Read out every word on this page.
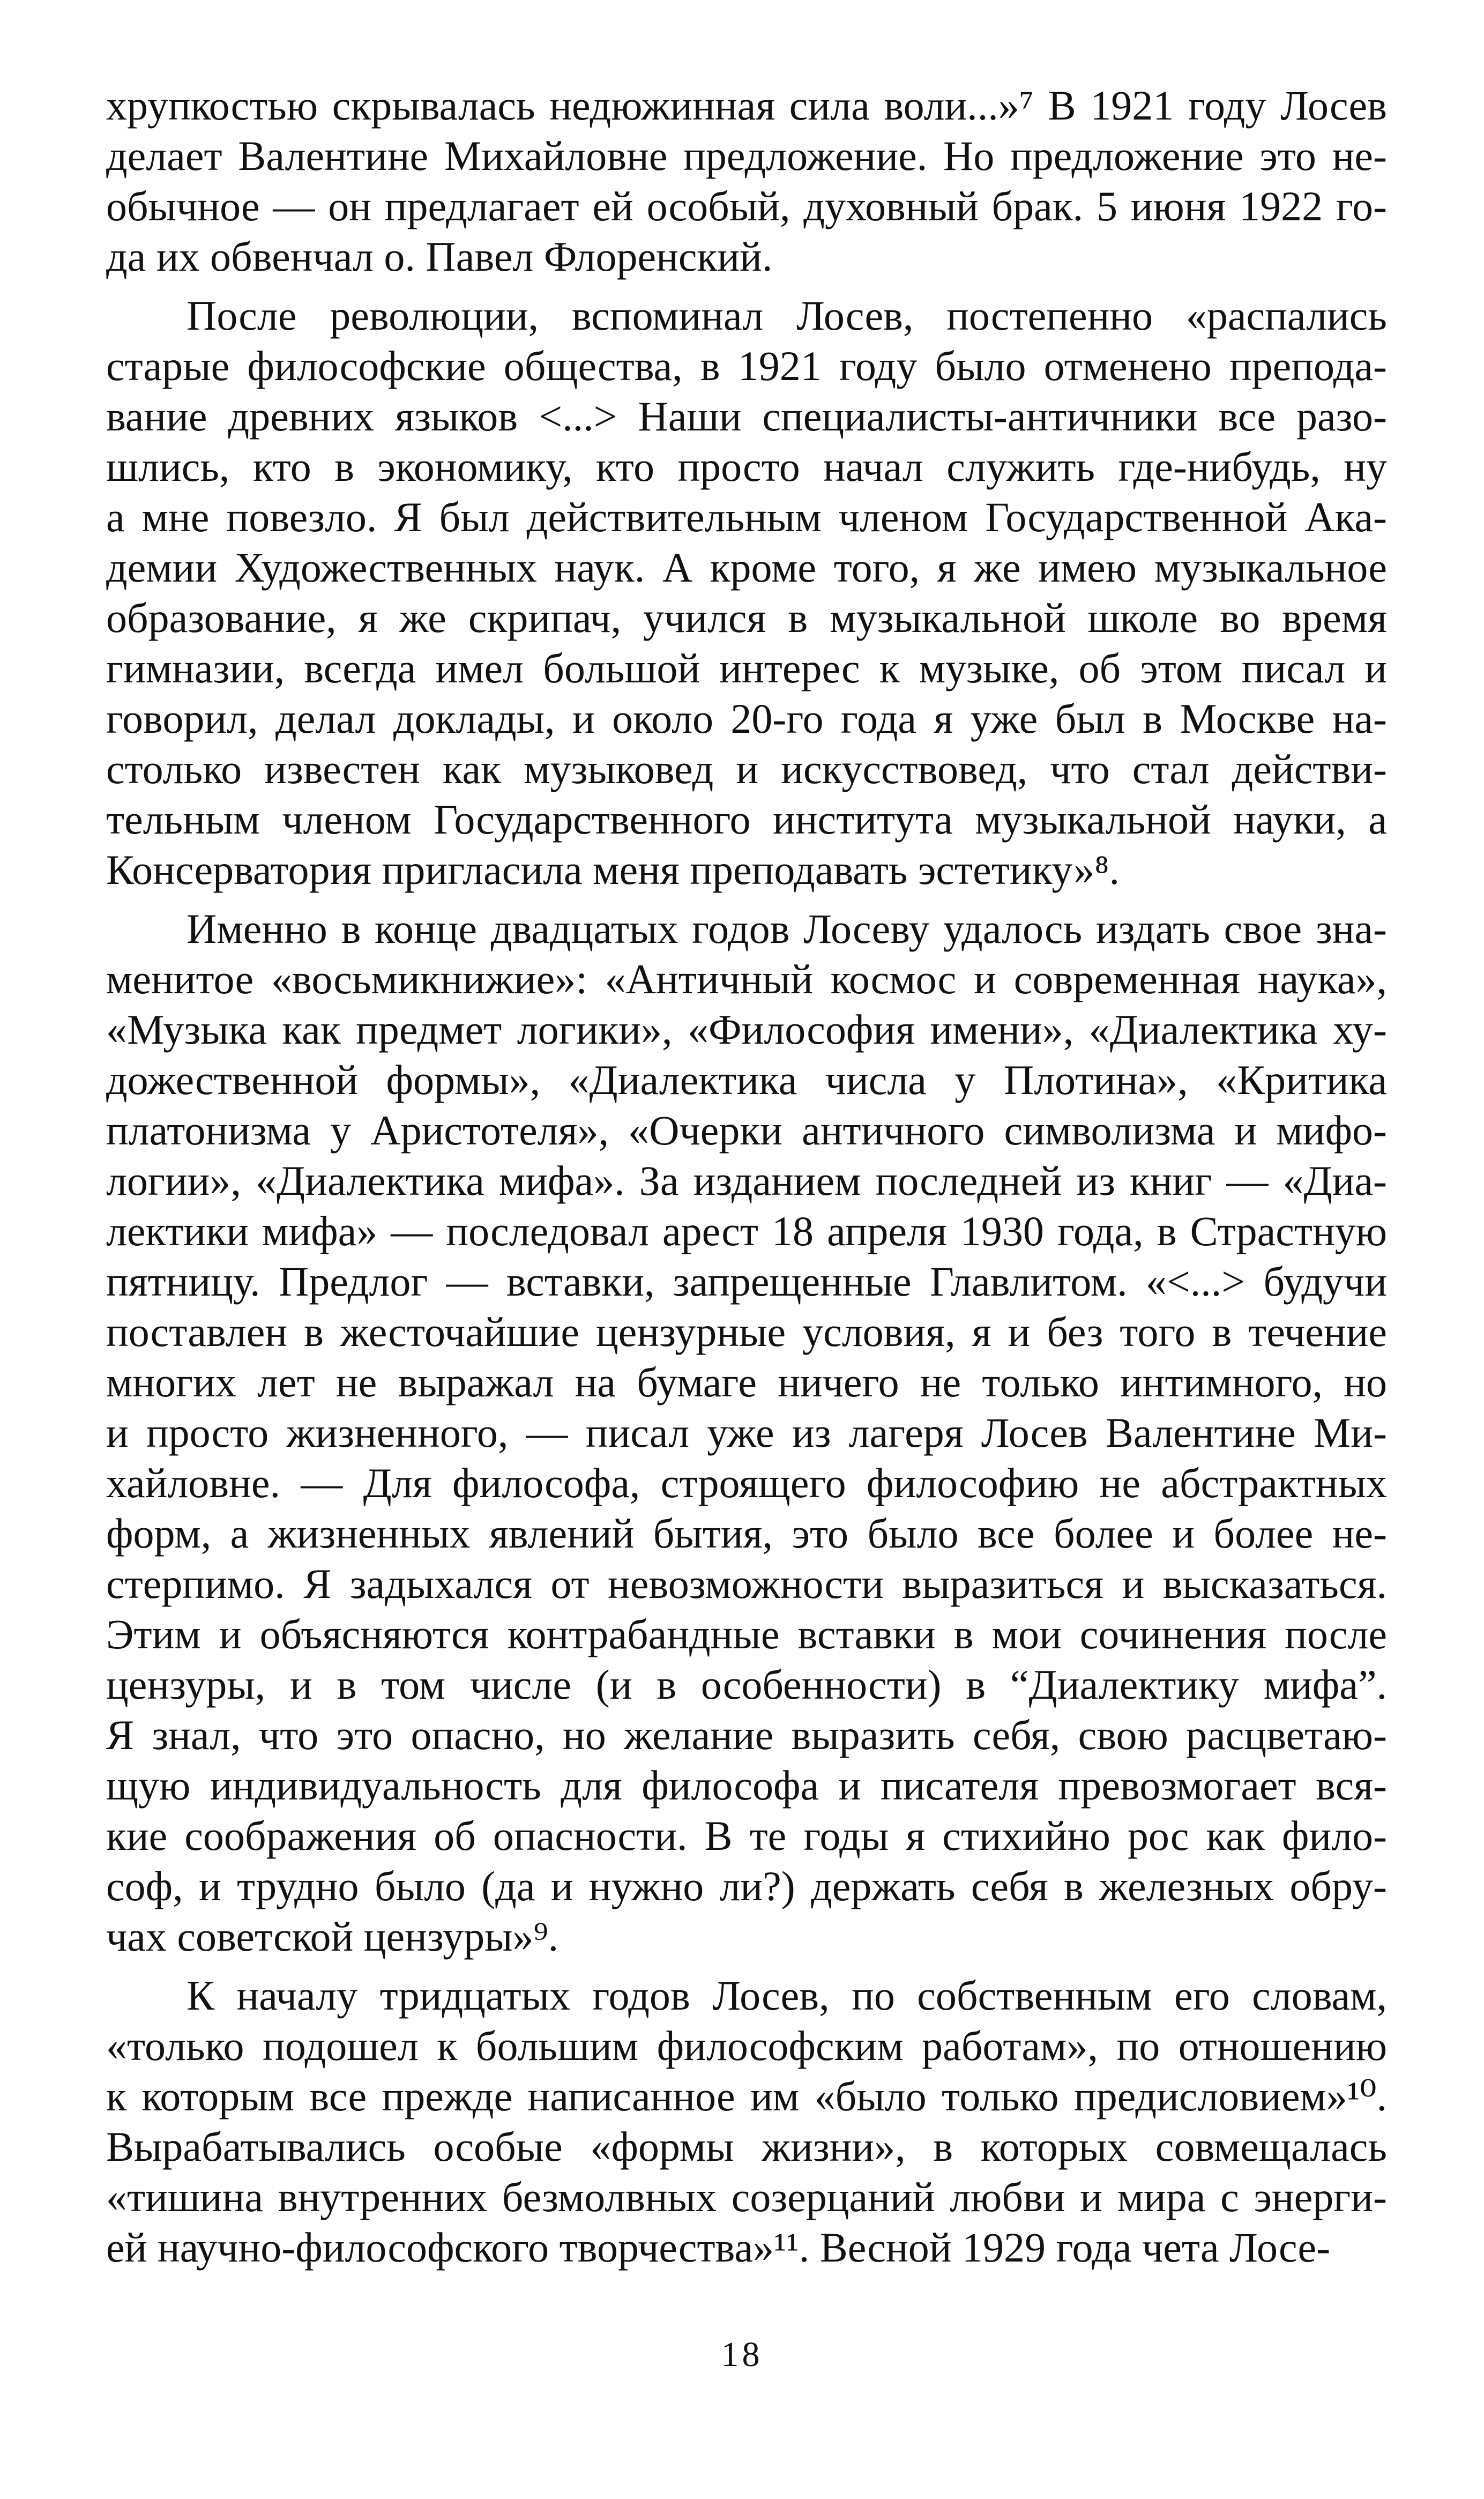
хрупкостью скрывалась недюжинная сила воли...»⁷ В 1921 году Лосев
делает Валентине Михайловне предложение. Но предложение это не-
обычное — он предлагает ей особый, духовный брак. 5 июня 1922 го-
да их обвенчал о. Павел Флоренский.

После революции, вспоминал Лосев, постепенно «распались
старые философские общества, в 1921 году было отменено препода-
вание древних языков <...> Наши специалисты-античники все разо-
шлись, кто в экономику, кто просто начал служить где-нибудь, ну
а мне повезло. Я был действительным членом Государственной Ака-
демии Художественных наук. А кроме того, я же имею музыкальное
образование, я же скрипач, учился в музыкальной школе во время
гимназии, всегда имел большой интерес к музыке, об этом писал и
говорил, делал доклады, и около 20-го года я уже был в Москве на-
столько известен как музыковед и искусствовед, что стал действи-
тельным членом Государственного института музыкальной науки, а
Консерватория пригласила меня преподавать эстетику»⁸.

Именно в конце двадцатых годов Лосеву удалось издать свое зна-
менитое «восьмикнижие»: «Античный космос и современная наука»,
«Музыка как предмет логики», «Философия имени», «Диалектика ху-
дожественной формы», «Диалектика числа у Плотина», «Критика
платонизма у Аристотеля», «Очерки античного символизма и мифо-
логии», «Диалектика мифа». За изданием последней из книг — «Диа-
лектики мифа» — последовал арест 18 апреля 1930 года, в Страстную
пятницу. Предлог — вставки, запрещенные Главлитом. «<...> будучи
поставлен в жесточайшие цензурные условия, я и без того в течение
многих лет не выражал на бумаге ничего не только интимного, но
и просто жизненного, — писал уже из лагеря Лосев Валентине Ми-
хайловне. — Для философа, строящего философию не абстрактных
форм, а жизненных явлений бытия, это было все более и более не-
стерпимо. Я задыхался от невозможности выразиться и высказаться.
Этим и объясняются контрабандные вставки в мои сочинения после
цензуры, и в том числе (и в особенности) в “Диалектику мифа”.
Я знал, что это опасно, но желание выразить себя, свою расцветаю-
щую индивидуальность для философа и писателя превозмогает вся-
кие соображения об опасности. В те годы я стихийно рос как фило-
соф, и трудно было (да и нужно ли?) держать себя в железных обру-
чах советской цензуры»⁹.

К началу тридцатых годов Лосев, по собственным его словам,
«только подошел к большим философским работам», по отношению
к которым все прежде написанное им «было только предисловием»¹⁰.
Вырабатывались особые «формы жизни», в которых совмещалась
«тишина внутренних безмолвных созерцаний любви и мира с энерги-
ей научно-философского творчества»¹¹. Весной 1929 года чета Лосе-

18
